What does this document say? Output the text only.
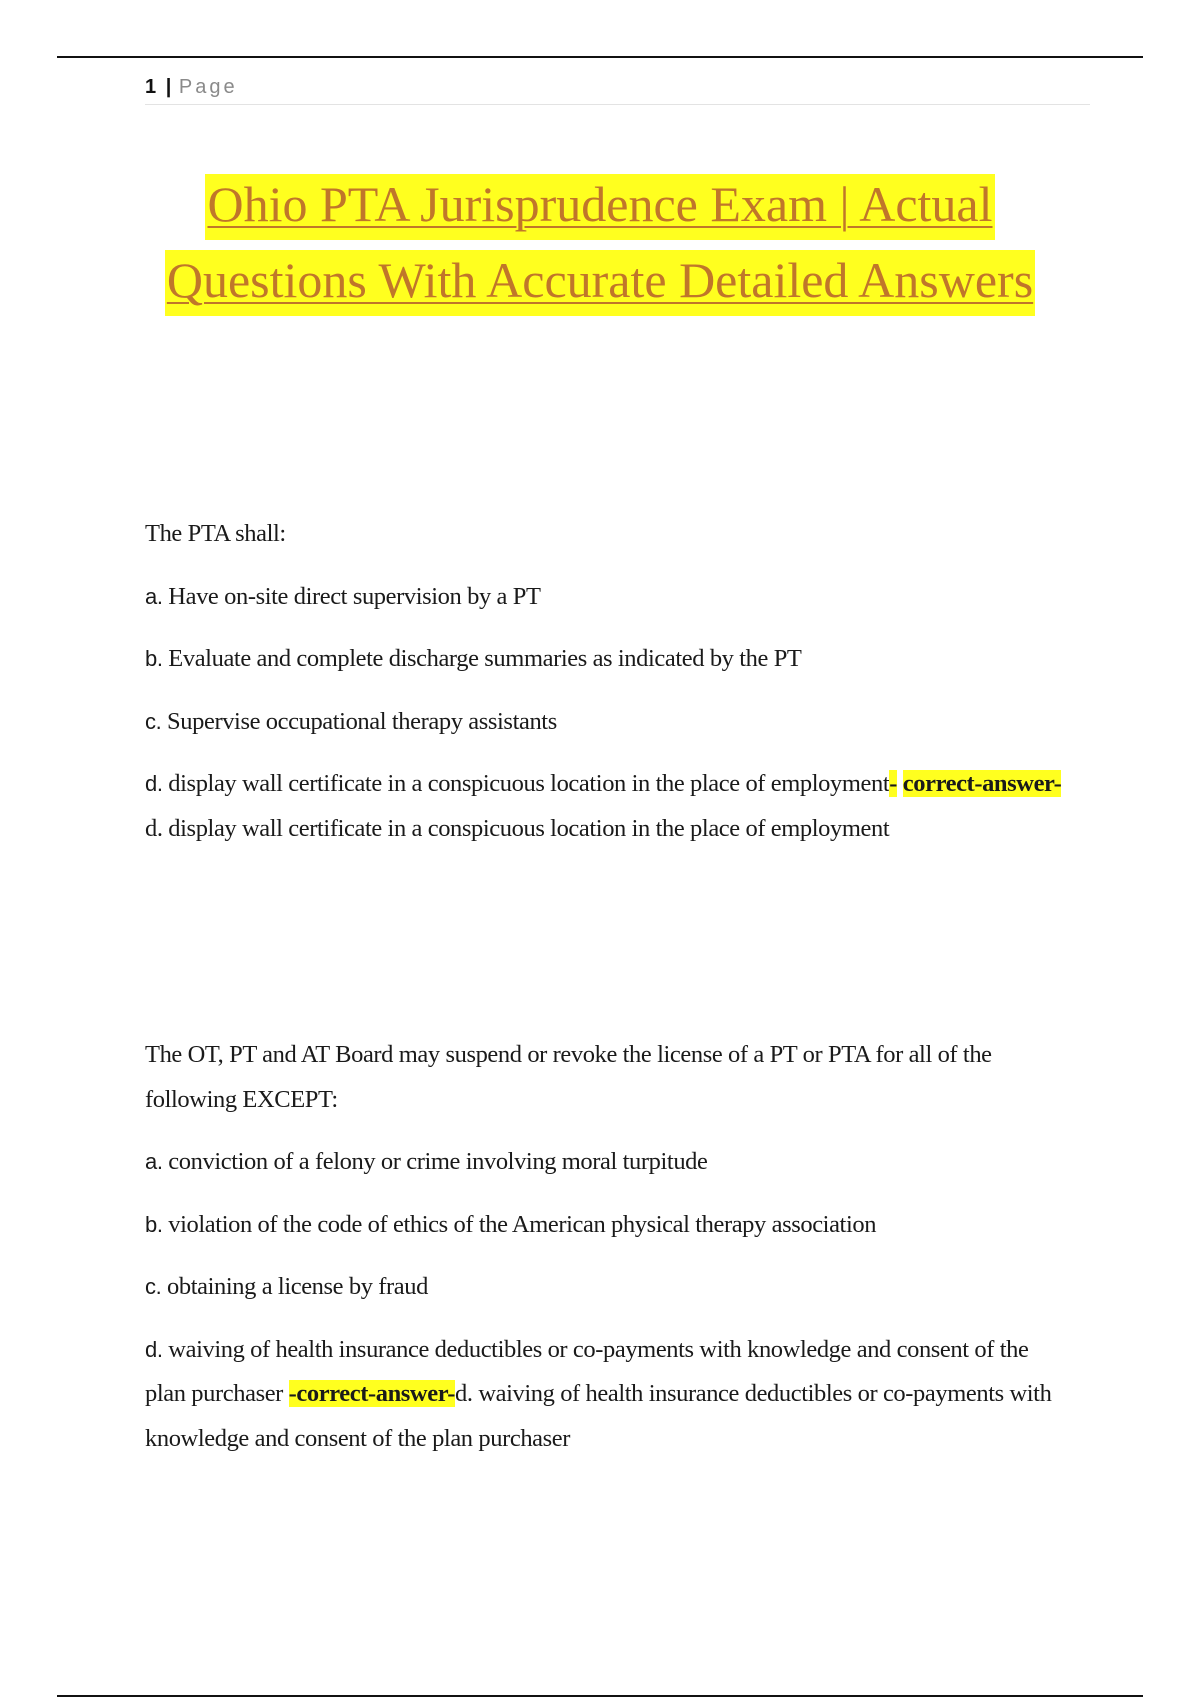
1 | Page
Ohio PTA Jurisprudence Exam | Actual Questions With Accurate Detailed Answers

The PTA shall:

a. Have on-site direct supervision by a PT

b. Evaluate and complete discharge summaries as indicated by the PT

c. Supervise occupational therapy assistants

d. display wall certificate in a conspicuous location in the place of employment- correct-answer-d. display wall certificate in a conspicuous location in the place of employment

The OT, PT and AT Board may suspend or revoke the license of a PT or PTA for all of the following EXCEPT:

a. conviction of a felony or crime involving moral turpitude

b. violation of the code of ethics of the American physical therapy association

c. obtaining a license by fraud

d. waiving of health insurance deductibles or co-payments with knowledge and consent of the plan purchaser -correct-answer-d. waiving of health insurance deductibles or co-payments with knowledge and consent of the plan purchaser
